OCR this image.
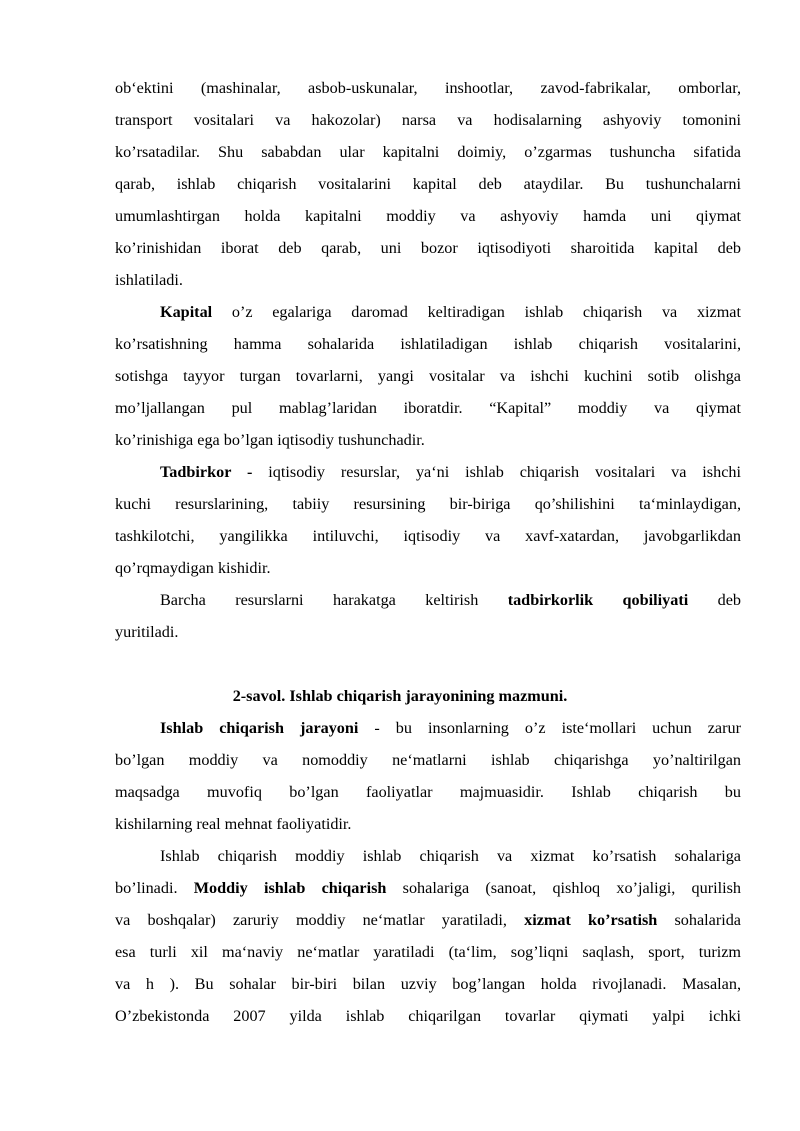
ob‘ektini (mashinalar, asbob-uskunalar, inshootlar, zavod-fabrikalar, omborlar,
transport vositalari va hakozolar) narsa va hodisalarning ashyoviy tomonini
ko’rsatadilar. Shu sababdan ular kapitalni doimiy, o’zgarmas tushuncha sifatida
qarab, ishlab chiqarish vositalarini kapital deb ataydilar. Bu tushunchalarni
umumlashtirgan holda kapitalni moddiy va ashyoviy hamda uni qiymat
ko’rinishidan iborat deb qarab, uni bozor iqtisodiyoti sharoitida kapital deb
ishlatiladi.
Kapital o’z egalariga daromad keltiradigan ishlab chiqarish va xizmat
ko’rsatishning hamma sohalarida ishlatiladigan ishlab chiqarish vositalarini,
sotishga tayyor turgan tovarlarni, yangi vositalar va ishchi kuchini sotib olishga
mo’ljallangan pul mablag’laridan iboratdir. “Kapital” moddiy va qiymat
ko’rinishiga ega bo’lgan iqtisodiy tushunchadir.
Tadbirkor - iqtisodiy resurslar, ya‘ni ishlab chiqarish vositalari va ishchi
kuchi resurslarining, tabiiy resursining bir-biriga qo’shilishini ta‘minlaydigan,
tashkilotchi, yangilikka intiluvchi, iqtisodiy va xavf-xatardan, javobgarlikdan
qo’rqmaydigan kishidir.
Barcha resurslarni harakatga keltirish tadbirkorlik qobiliyati deb
yuritiladi.
2-savol. Ishlab chiqarish jarayonining mazmuni.
Ishlab chiqarish jarayoni - bu insonlarning o’z iste‘mollari uchun zarur
bo’lgan moddiy va nomoddiy ne‘matlarni ishlab chiqarishga yo’naltirilgan
maqsadga muvofiq bo’lgan faoliyatlar majmuasidir. Ishlab chiqarish bu
kishilarning real mehnat faoliyatidir.
Ishlab chiqarish moddiy ishlab chiqarish va xizmat ko’rsatish sohalariga
bo’linadi. Moddiy ishlab chiqarish sohalariga (sanoat, qishloq xo’jaligi, qurilish
va boshqalar) zaruriy moddiy ne‘matlar yaratiladi, xizmat ko’rsatish sohalarida
esa turli xil ma‘naviy ne‘matlar yaratiladi (ta‘lim, sog’liqni saqlash, sport, turizm
va h ). Bu sohalar bir-biri bilan uzviy bog’langan holda rivojlanadi. Masalan,
O’zbekistonda 2007 yilda ishlab chiqarilgan tovarlar qiymati yalpi ichki
